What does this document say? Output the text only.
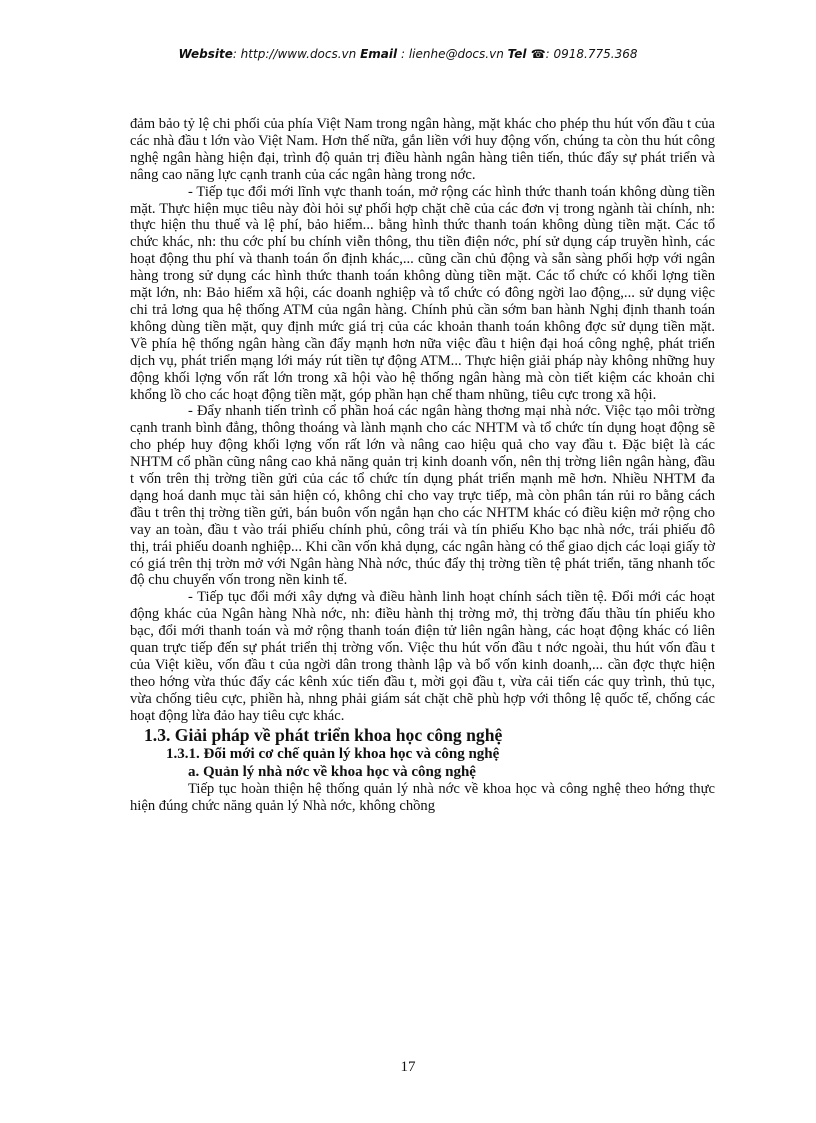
Website: http://www.docs.vn Email : lienhe@docs.vn Tel ☎: 0918.775.368

đảm bảo tỷ lệ chi phối của phía Việt Nam trong ngân hàng, mặt khác cho phép thu hút vốn đầu t của các nhà đầu t lớn vào Việt Nam. Hơn thế nữa, gắn liền với huy động vốn, chúng ta còn thu hút công nghệ ngân hàng hiện đại, trình độ quản trị điều hành ngân hàng tiên tiến, thúc đẩy sự phát triển và nâng cao năng lực cạnh tranh của các ngân hàng trong nớc.

- Tiếp tục đổi mới lĩnh vực thanh toán, mở rộng các hình thức thanh toán không dùng tiền mặt. Thực hiện mục tiêu này đòi hỏi sự phối hợp chặt chẽ của các đơn vị trong ngành tài chính, nh: thực hiện thu thuế và lệ phí, bảo hiểm... bằng hình thức thanh toán không dùng tiền mặt. Các tổ chức khác, nh: thu cớc phí bu chính viễn thông, thu tiền điện nớc, phí sử dụng cáp truyền hình, các hoạt động thu phí và thanh toán ổn định khác,... cũng cần chủ động và sẵn sàng phối hợp với ngân hàng trong sử dụng các hình thức thanh toán không dùng tiền mặt. Các tổ chức có khối lợng tiền mặt lớn, nh: Bảo hiểm xã hội, các doanh nghiệp và tổ chức có đông ngời lao động,... sử dụng việc chi trả lơng qua hệ thống ATM của ngân hàng. Chính phủ cần sớm ban hành Nghị định thanh toán không dùng tiền mặt, quy định mức giá trị của các khoản thanh toán không đợc sử dụng tiền mặt. Về phía hệ thống ngân hàng cần đẩy mạnh hơn nữa việc đầu t hiện đại hoá công nghệ, phát triển dịch vụ, phát triển mạng lới máy rút tiền tự động ATM... Thực hiện giải pháp này không những huy động khối lợng vốn rất lớn trong xã hội vào hệ thống ngân hàng mà còn tiết kiệm các khoản chi khổng lồ cho các hoạt động tiền mặt, góp phần hạn chế tham nhũng, tiêu cực trong xã hội.

- Đẩy nhanh tiến trình cổ phần hoá các ngân hàng thơng mại nhà nớc. Việc tạo môi trờng cạnh tranh bình đẳng, thông thoáng và lành mạnh cho các NHTM và tổ chức tín dụng hoạt động sẽ cho phép huy động khối lợng vốn rất lớn và nâng cao hiệu quả cho vay đầu t. Đặc biệt là các NHTM cổ phần cũng nâng cao khả năng quản trị kinh doanh vốn, nên thị trờng liên ngân hàng, đầu t vốn trên thị trờng tiền gửi của các tổ chức tín dụng phát triển mạnh mẽ hơn. Nhiều NHTM đa dạng hoá danh mục tài sản hiện có, không chỉ cho vay trực tiếp, mà còn phân tán rủi ro bằng cách đầu t trên thị trờng tiền gửi, bán buôn vốn ngắn hạn cho các NHTM khác có điều kiện mở rộng cho vay an toàn, đầu t vào trái phiếu chính phủ, công trái và tín phiếu Kho bạc nhà nớc, trái phiếu đô thị, trái phiếu doanh nghiệp... Khi cần vốn khả dụng, các ngân hàng có thể giao dịch các loại giấy tờ có giá trên thị trờn mở với Ngân hàng Nhà nớc, thúc đẩy thị trờng tiền tệ phát triển, tăng nhanh tốc độ chu chuyển vốn trong nền kinh tế.

- Tiếp tục đổi mới xây dựng và điều hành linh hoạt chính sách tiền tệ. Đổi mới các hoạt động khác của Ngân hàng Nhà nớc, nh: điều hành thị trờng mở, thị trờng đấu thầu tín phiếu kho bạc, đổi mới thanh toán và mở rộng thanh toán điện tử liên ngân hàng, các hoạt động khác có liên quan trực tiếp đến sự phát triển thị trờng vốn. Việc thu hút vốn đầu t nớc ngoài, thu hút vốn đầu t của Việt kiều, vốn đầu t của ngời dân trong thành lập và bổ vốn kinh doanh,... cần đợc thực hiện theo hớng vừa thúc đẩy các kênh xúc tiến đầu t, mời gọi đầu t, vừa cải tiến các quy trình, thủ tục, vừa chống tiêu cực, phiền hà, nhng phải giám sát chặt chẽ phù hợp với thông lệ quốc tế, chống các hoạt động lừa đảo hay tiêu cực khác.

1.3. Giải pháp về phát triển khoa học công nghệ

1.3.1. Đổi mới cơ chế quản lý khoa học và công nghệ

a. Quản lý nhà nớc về khoa học và công nghệ

Tiếp tục hoàn thiện hệ thống quản lý nhà nớc về khoa học và công nghệ theo hớng thực hiện đúng chức năng quản lý Nhà nớc, không chồng

17
